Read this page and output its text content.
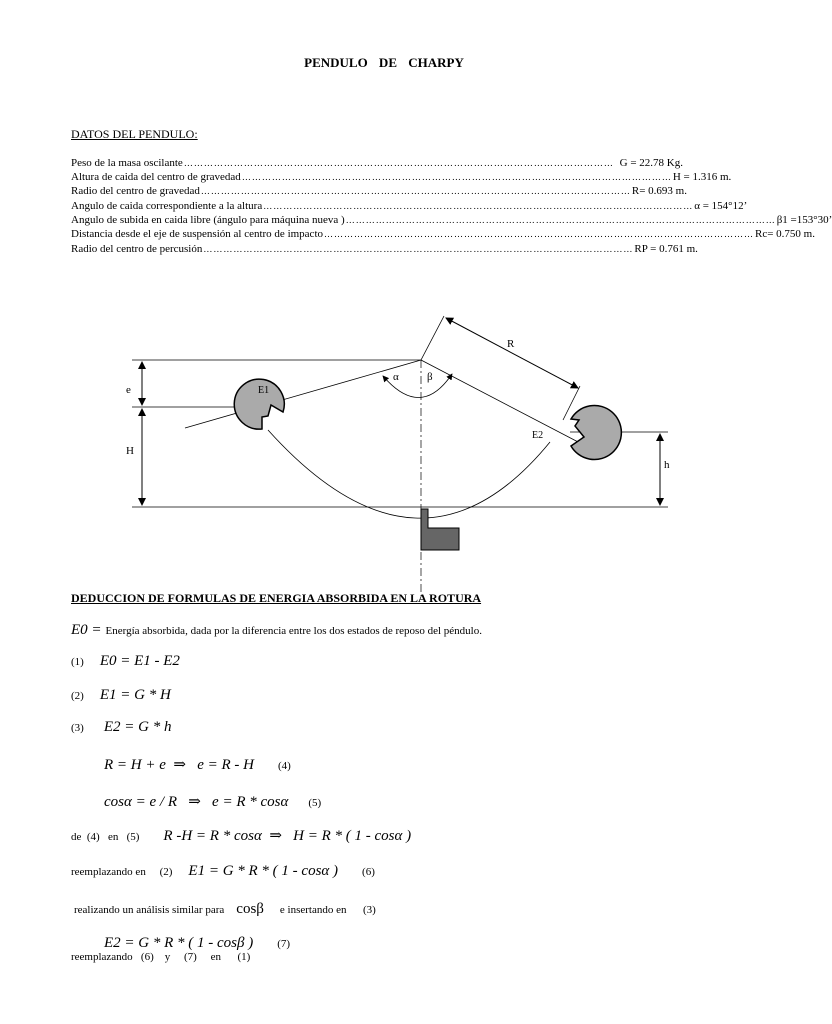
PENDULO DE CHARPY
DATOS DEL PENDULO:
Peso de la masa oscilante ………………………………………………………………………………………………………………… G = 22.78 Kg.
Altura de caida del centro de gravedad ………………………………………………………………………………………………………………… H = 1.316 m.
Radio del centro de gravedad ………………………………………………………………………………………………………………… R= 0.693 m.
Angulo de caida correspondiente a la altura ………………………………………………………………………………………………………………… α = 154°12’
Angulo de subida en caida libre (ángulo para máquina nueva ) ………………………………………………………………………………………………………………… β1 =153°30’
Distancia desde el eje de suspensión al centro de impacto ………………………………………………………………………………………………………………… Rc= 0.750 m.
Radio del centro de percusión ………………………………………………………………………………………………………………… RP = 0.761 m.
R
α	β
e
H
h
E1
E2
DEDUCCION DE FORMULAS DE ENERGIA ABSORBIDA EN LA ROTURA
E0 = Energía absorbida, dada por la diferencia entre los dos estados de reposo del péndulo.
(1) E0 = E1 - E2
(2) E1 = G * H
(3) E2 = G * h
R = H + e  ⇒   e = R - H (4)
cosα = e / R   ⇒   e = R * cosα (5)
de  (4)   en   (5) R -H = R * cosα  ⇒   H = R * ( 1 - cosα )
reemplazando en     (2) E1 = G * R * ( 1 - cosα ) (6)
realizando un análisis similar para cosβ e insertando en      (3)
E2 = G * R * ( 1 - cosβ ) (7)
reemplazando   (6)    y     (7)     en      (1)
